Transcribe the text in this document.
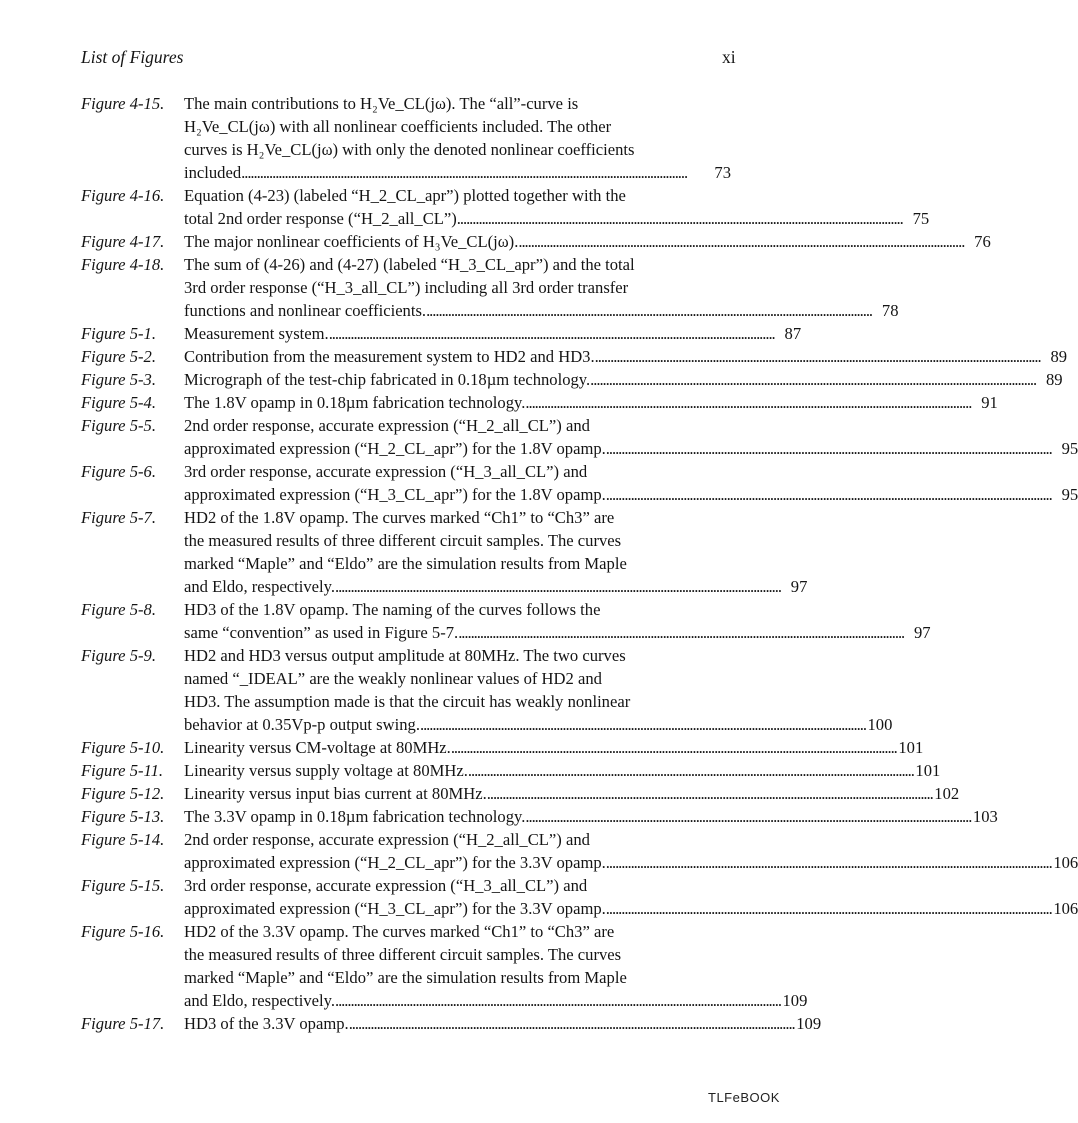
List of Figures	xi
Figure 4-15.	The main contributions to H₂Ve_CL(jω). The “all”-curve is
H₂Ve_CL(jω) with all nonlinear coefficients included. The other
curves is H₂Ve_CL(jω) with only the denoted nonlinear coefficients
included . . .	73
Figure 4-16.	Equation (4-23) (labeled “H_2_CL_apr”) plotted together with the
total 2nd order response (“H_2_all_CL”) . . .	75
Figure 4-17.	The major nonlinear coefficients of H₃Ve_CL(jω). . . .	76
Figure 4-18.	The sum of (4-26) and (4-27) (labeled “H_3_CL_apr”) and the total
3rd order response (“H_3_all_CL”) including all 3rd order transfer
functions and nonlinear coefficients. . . .	78
Figure 5-1.	Measurement system. . . .	87
Figure 5-2.	Contribution from the measurement system to HD2 and HD3. . . .	89
Figure 5-3.	Micrograph of the test-chip fabricated in 0.18µm technology. . . .	89
Figure 5-4.	The 1.8V opamp in 0.18µm fabrication technology. . . .	91
Figure 5-5.	2nd order response, accurate expression (“H_2_all_CL”) and
approximated expression (“H_2_CL_apr”) for the 1.8V opamp. . . .	95
Figure 5-6.	3rd order response, accurate expression (“H_3_all_CL”) and
approximated expression (“H_3_CL_apr”) for the 1.8V opamp. . . .	95
Figure 5-7.	HD2 of the 1.8V opamp. The curves marked “Ch1” to “Ch3” are
the measured results of three different circuit samples. The curves
marked “Maple” and “Eldo” are the simulation results from Maple
and Eldo, respectively. . . .	97
Figure 5-8.	HD3 of the 1.8V opamp. The naming of the curves follows the
same “convention” as used in Figure 5-7. . . .	97
Figure 5-9.	HD2 and HD3 versus output amplitude at 80MHz. The two curves
named “_IDEAL” are the weakly nonlinear values of HD2 and
HD3. The assumption made is that the circuit has weakly nonlinear
behavior at 0.35Vp-p output swing. . . .	100
Figure 5-10.	Linearity versus CM-voltage at 80MHz. . . .	101
Figure 5-11.	Linearity versus supply voltage at 80MHz. . . .	101
Figure 5-12.	Linearity versus input bias current at 80MHz. . . .	102
Figure 5-13.	The 3.3V opamp in 0.18µm fabrication technology. . . .	103
Figure 5-14.	2nd order response, accurate expression (“H_2_all_CL”) and
approximated expression (“H_2_CL_apr”) for the 3.3V opamp. . . .	106
Figure 5-15.	3rd order response, accurate expression (“H_3_all_CL”) and
approximated expression (“H_3_CL_apr”) for the 3.3V opamp. . . .	106
Figure 5-16.	HD2 of the 3.3V opamp. The curves marked “Ch1” to “Ch3” are
the measured results of three different circuit samples. The curves
marked “Maple” and “Eldo” are the simulation results from Maple
and Eldo, respectively. . . .	109
Figure 5-17.	HD3 of the 3.3V opamp. . . .	109
TLFeBOOK
